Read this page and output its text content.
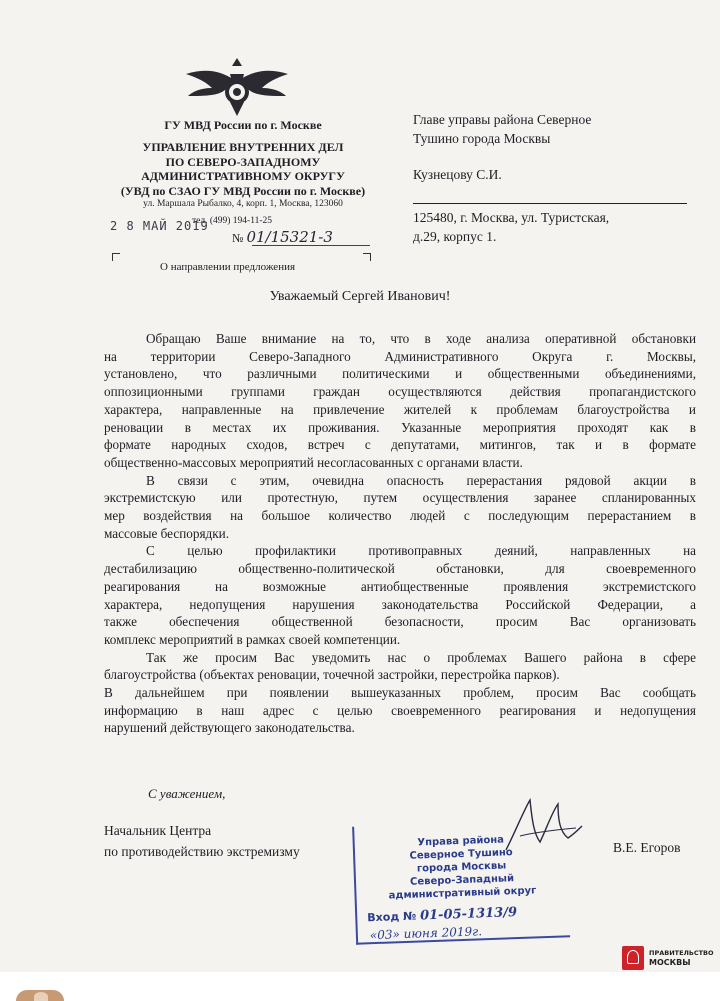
ГУ МВД России по г. Москве
УПРАВЛЕНИЕ ВНУТРЕННИХ ДЕЛ
ПО СЕВЕРО-ЗАПАДНОМУ
АДМИНИСТРАТИВНОМУ ОКРУГУ
(УВД по СЗАО ГУ МВД России по г. Москве)
ул. Маршала Рыбалко, 4, корп. 1, Москва, 123060
2 8 МАЙ 2019
тел. (499) 194-11-25
№ 01/15321-3
О направлении предложения
Главе управы района Северное
Тушино города Москвы
Кузнецову С.И.
125480, г. Москва, ул. Туристская,
д.29, корпус 1.
Уважаемый Сергей Иванович!
Обращаю Ваше внимание на то, что в ходе анализа оперативной обстановки
на территории Северо-Западного Административного Округа г. Москвы,
установлено, что различными политическими и общественными объединениями,
оппозиционными группами граждан осуществляются действия пропагандистского
характера, направленные на привлечение жителей к проблемам благоустройства и
реновации в местах их проживания. Указанные мероприятия проходят как в
формате народных сходов, встреч с депутатами, митингов, так и в формате
общественно-массовых мероприятий несогласованных с органами власти.
В связи с этим, очевидна опасность перерастания рядовой акции в
экстремистскую или протестную, путем осуществления заранее спланированных
мер воздействия на большое количество людей с последующим перерастанием в
массовые беспорядки.
С целью профилактики противоправных деяний, направленных на
дестабилизацию общественно-политической обстановки, для своевременного
реагирования на возможные антиобщественные проявления экстремистского
характера, недопущения нарушения законодательства Российской Федерации, а
также обеспечения общественной безопасности, просим Вас организовать
комплекс мероприятий в рамках своей компетенции.
Так же просим Вас уведомить нас о проблемах Вашего района в сфере
благоустройства (объектах реновации, точечной застройки, перестройка парков).
В дальнейшем при появлении вышеуказанных проблем, просим Вас сообщать
информацию в наш адрес с целью своевременного реагирования и недопущения
нарушений действующего законодательства.
С уважением,
Начальник Центра
по противодействию экстремизму	В.Е. Егоров
Управа района
Северное Тушино
города Москвы
Северо-Западный
административный округ
Вход № 01-05-1313/9
«03» июня 2019г.
ПРАВИТЕЛЬСТВО
МОСКВЫ
